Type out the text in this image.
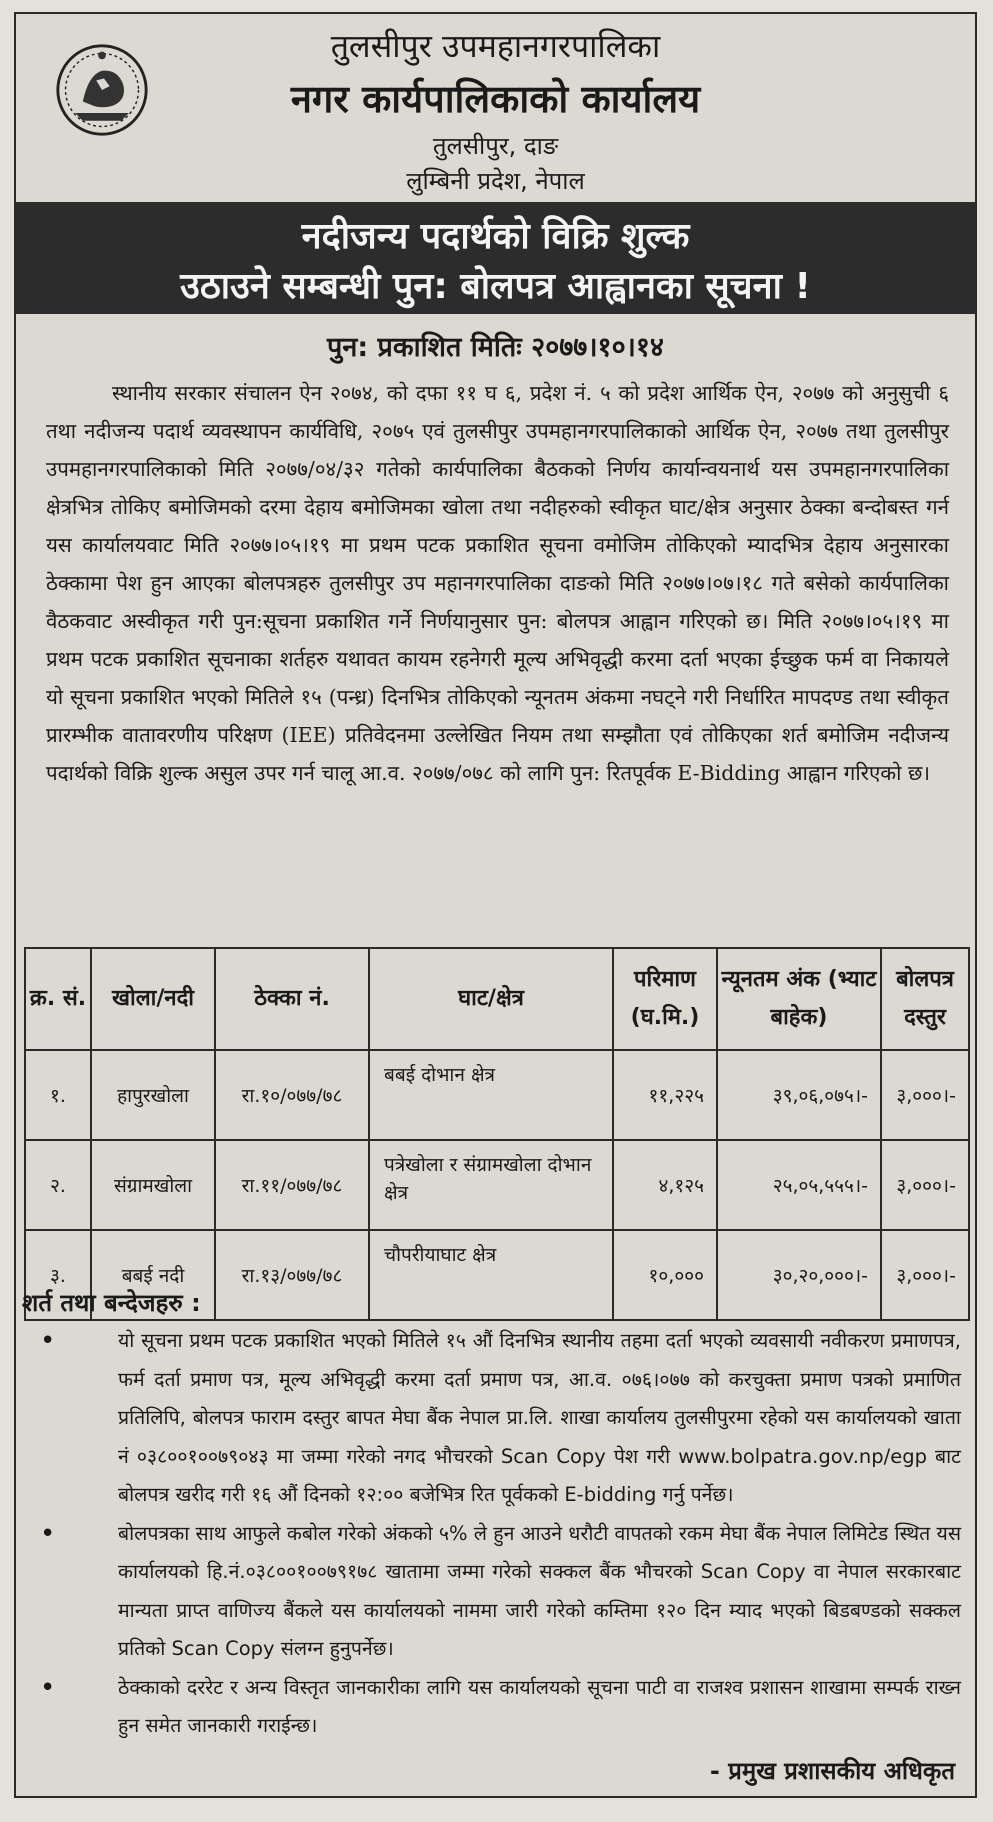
तुलसीपुर उपमहानगरपालिका
नगर कार्यपालिकाको कार्यालय
तुलसीपुर, दाङ
लुम्बिनी प्रदेश, नेपाल
नदीजन्य पदार्थको विक्रि शुल्क
उठाउने सम्बन्धी पुन: बोलपत्र आह्वानका सूचना !
पुन: प्रकाशित मितिः २०७७।१०।१४
स्थानीय सरकार संचालन ऐन २०७४, को दफा ११ घ ६, प्रदेश नं. ५ को प्रदेश आर्थिक ऐन, २०७७ को अनुसुची ६ तथा नदीजन्य पदार्थ व्यवस्थापन कार्यविधि, २०७५ एवं तुलसीपुर उपमहानगरपालिकाको आर्थिक ऐन, २०७७ तथा तुलसीपुर उपमहानगरपालिकाको मिति २०७७/०४/३२ गतेको कार्यपालिका बैठकको निर्णय कार्यान्वयनार्थ यस उपमहानगरपालिका क्षेत्रभित्र तोकिए बमोजिमको दरमा देहाय बमोजिमका खोला तथा नदीहरुको स्वीकृत घाट/क्षेत्र अनुसार ठेक्का बन्दोबस्त गर्न यस कार्यालयवाट मिति २०७७।०५।१९ मा प्रथम पटक प्रकाशित सूचना वमोजिम तोकिएको म्यादभित्र देहाय अनुसारका ठेक्कामा पेश हुन आएका बोलपत्रहरु तुलसीपुर उप महानगरपालिका दाङको मिति २०७७।०७।१८ गते बसेको कार्यपालिका वैठकवाट अस्वीकृत गरी पुन:सूचना प्रकाशित गर्ने निर्णयानुसार पुन: बोलपत्र आह्वान गरिएको छ। मिति २०७७।०५।१९ मा प्रथम पटक प्रकाशित सूचनाका शर्तहरु यथावत कायम रहनेगरी मूल्य अभिवृद्धी करमा दर्ता भएका ईच्छुक फर्म वा निकायले यो सूचना प्रकाशित भएको मितिले १५ (पन्ध्र) दिनभित्र तोकिएको न्यूनतम अंकमा नघट्ने गरी निर्धारित मापदण्ड तथा स्वीकृत प्रारम्भीक वातावरणीय परिक्षण (IEE) प्रतिवेदनमा उल्लेखित नियम तथा सम्झौता एवं तोकिएका शर्त बमोजिम नदीजन्य पदार्थको विक्रि शुल्क असुल उपर गर्न चालू आ.व. २०७७/०७८ को लागि पुन: रितपूर्वक E-Bidding आह्वान गरिएको छ।
क्र. सं.	खोला/नदी	ठेक्का नं.	घाट/क्षेत्र	परिमाण (घ.मि.)	न्यूनतम अंक (भ्याट बाहेक)	बोलपत्र दस्तुर
१.	हापुरखोला	रा.१०/०७७/७८	बबई दोभान क्षेत्र	११,२२५	३९,०६,०७५।-	३,०००।-
२.	संग्रामखोला	रा.११/०७७/७८	पत्रेखोला र संग्रामखोला दोभान क्षेत्र	४,१२५	२५,०५,५५५।-	३,०००।-
३.	बबई नदी	रा.१३/०७७/७८	चौपरीयाघाट क्षेत्र	१०,०००	३०,२०,०००।-	३,०००।-
शर्त तथा बन्देजहरु :
•	यो सूचना प्रथम पटक प्रकाशित भएको मितिले १५ औं दिनभित्र स्थानीय तहमा दर्ता भएको व्यवसायी नवीकरण प्रमाणपत्र, फर्म दर्ता प्रमाण पत्र, मूल्य अभिवृद्धी करमा दर्ता प्रमाण पत्र, आ.व. ०७६।०७७ को करचुक्ता प्रमाण पत्रको प्रमाणित प्रतिलिपि, बोलपत्र फाराम दस्तुर बापत मेघा बैंक नेपाल प्रा.लि. शाखा कार्यालय तुलसीपुरमा रहेको यस कार्यालयको खाता नं ०३८००१००७९०४३ मा जम्मा गरेको नगद भौचरको Scan Copy पेश गरी www.bolpatra.gov.np/egp बाट बोलपत्र खरीद गरी १६ औं दिनको १२:०० बजेभित्र रित पूर्वकको E-bidding गर्नु पर्नेछ।
•	बोलपत्रका साथ आफुले कबोल गरेको अंकको ५% ले हुन आउने धरौटी वापतको रकम मेघा बैंक नेपाल लिमिटेड स्थित यस कार्यालयको हि.नं.०३८००१००७९१७८ खातामा जम्मा गरेको सक्कल बैंक भौचरको Scan Copy वा नेपाल सरकारबाट मान्यता प्राप्त वाणिज्य बैंकले यस कार्यालयको नाममा जारी गरेको कम्तिमा १२० दिन म्याद भएको बिडबण्डको सक्कल प्रतिको Scan Copy संलग्न हुनुपर्नेछ।
•	ठेक्काको दररेट र अन्य विस्तृत जानकारीका लागि यस कार्यालयको सूचना पाटी वा राजश्व प्रशासन शाखामा सम्पर्क राख्न हुन समेत जानकारी गराईन्छ।
- प्रमुख प्रशासकीय अधिकृत
